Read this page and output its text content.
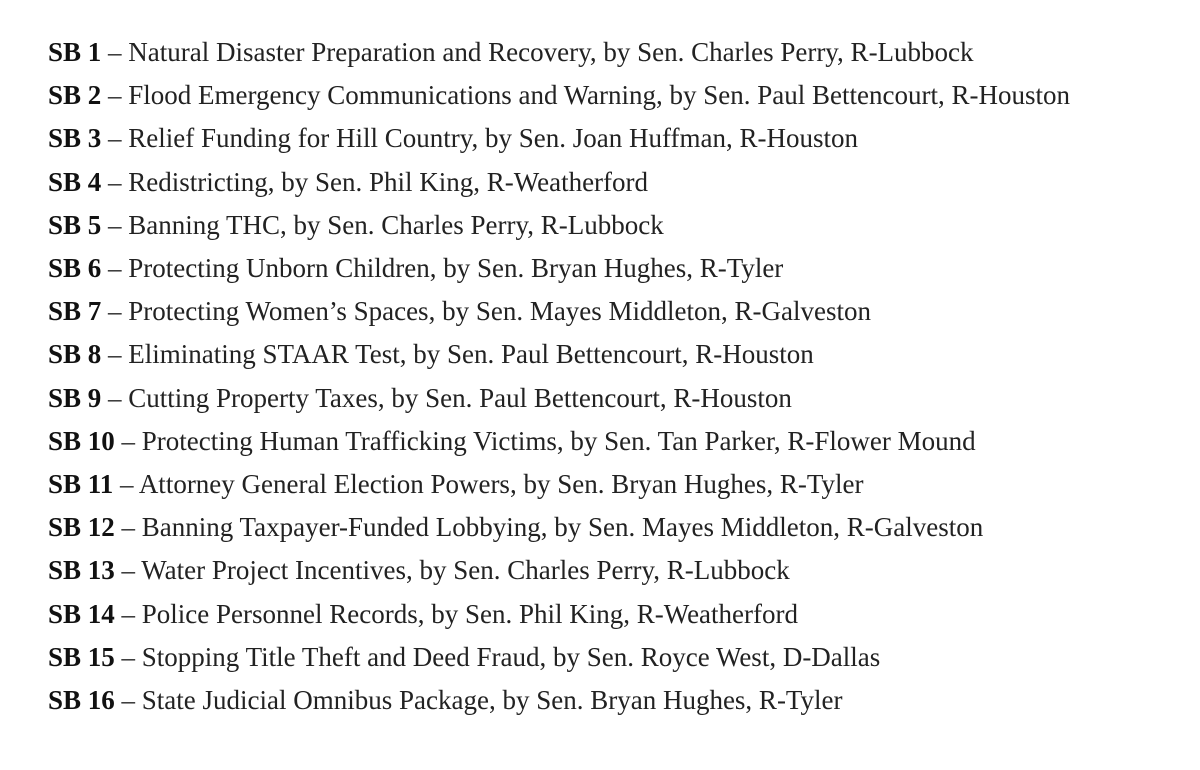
SB 1 – Natural Disaster Preparation and Recovery, by Sen. Charles Perry, R-Lubbock
SB 2 – Flood Emergency Communications and Warning, by Sen. Paul Bettencourt, R-Houston
SB 3 – Relief Funding for Hill Country, by Sen. Joan Huffman, R-Houston
SB 4 – Redistricting, by Sen. Phil King, R-Weatherford
SB 5 – Banning THC, by Sen. Charles Perry, R-Lubbock
SB 6 – Protecting Unborn Children, by Sen. Bryan Hughes, R-Tyler
SB 7 – Protecting Women’s Spaces, by Sen. Mayes Middleton, R-Galveston
SB 8 – Eliminating STAAR Test, by Sen. Paul Bettencourt, R-Houston
SB 9 – Cutting Property Taxes, by Sen. Paul Bettencourt, R-Houston
SB 10 – Protecting Human Trafficking Victims, by Sen. Tan Parker, R-Flower Mound
SB 11 – Attorney General Election Powers, by Sen. Bryan Hughes, R-Tyler
SB 12 – Banning Taxpayer-Funded Lobbying, by Sen. Mayes Middleton, R-Galveston
SB 13 – Water Project Incentives, by Sen. Charles Perry, R-Lubbock
SB 14 – Police Personnel Records, by Sen. Phil King, R-Weatherford
SB 15 – Stopping Title Theft and Deed Fraud, by Sen. Royce West, D-Dallas
SB 16 – State Judicial Omnibus Package, by Sen. Bryan Hughes, R-Tyler
